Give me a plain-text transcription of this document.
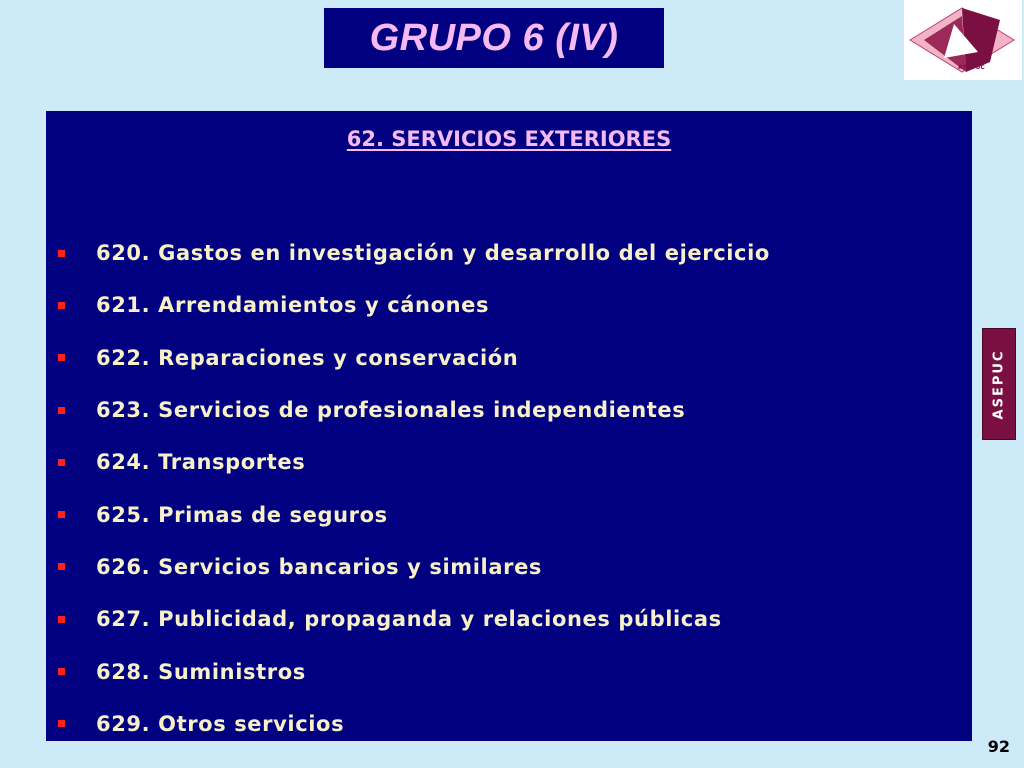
GRUPO 6 (IV)
ASEPUC
62. SERVICIOS EXTERIORES
620. Gastos en investigación y desarrollo del ejercicio
621. Arrendamientos y cánones
622. Reparaciones y conservación
623. Servicios de profesionales independientes
624. Transportes
625. Primas de seguros
626. Servicios bancarios y similares
627. Publicidad, propaganda y relaciones públicas
628. Suministros
629. Otros servicios
ASEPUC
92
